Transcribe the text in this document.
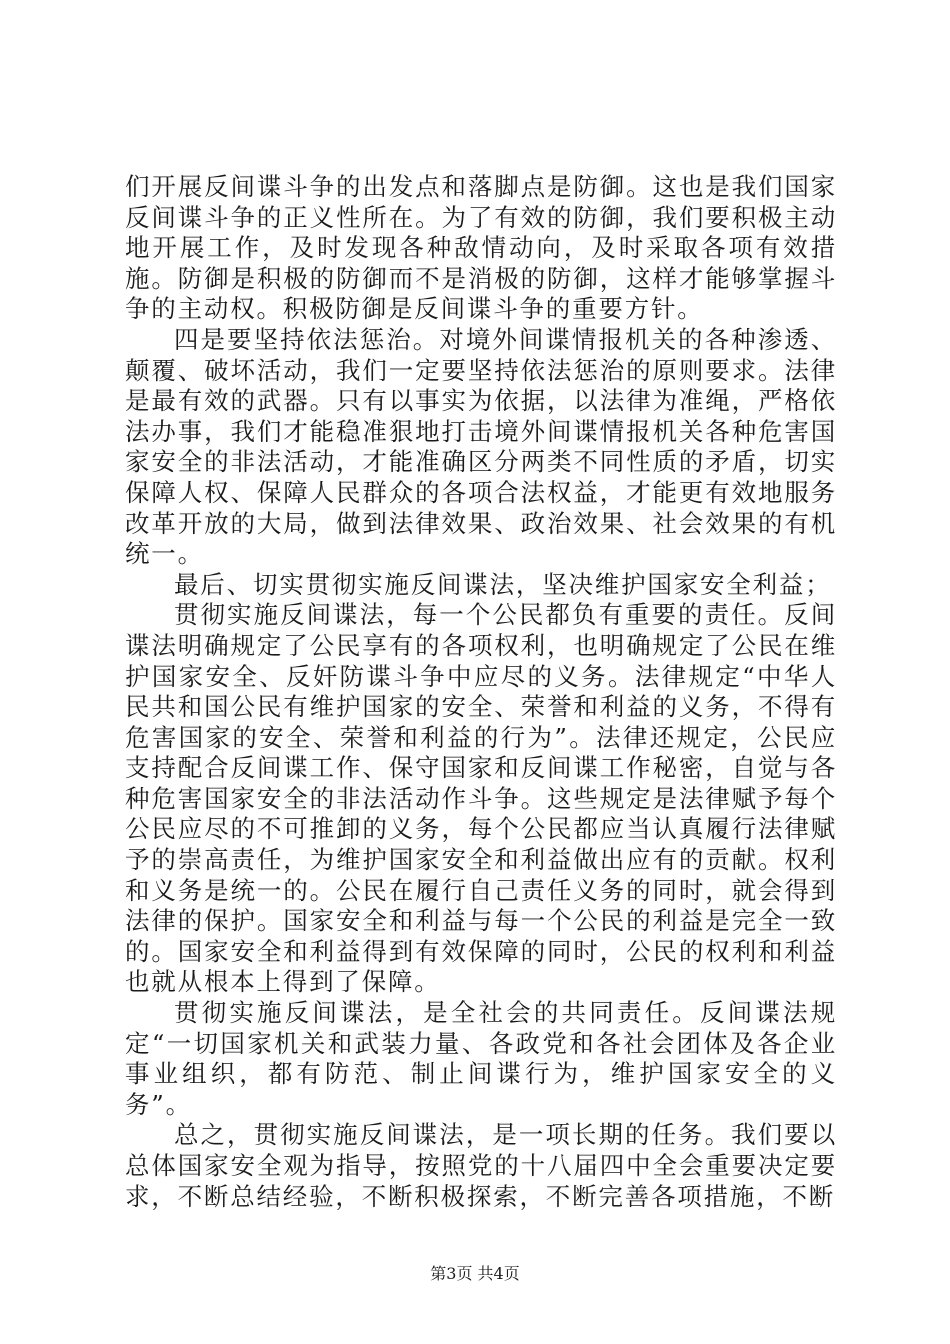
们开展反间谍斗争的出发点和落脚点是防御。这也是我们国家反间谍斗争的正义性所在。为了有效的防御，我们要积极主动地开展工作，及时发现各种敌情动向，及时采取各项有效措施。防御是积极的防御而不是消极的防御，这样才能够掌握斗争的主动权。积极防御是反间谍斗争的重要方针。

四是要坚持依法惩治。对境外间谍情报机关的各种渗透、颠覆、破坏活动，我们一定要坚持依法惩治的原则要求。法律是最有效的武器。只有以事实为依据，以法律为准绳，严格依法办事，我们才能稳准狠地打击境外间谍情报机关各种危害国家安全的非法活动，才能准确区分两类不同性质的矛盾，切实保障人权、保障人民群众的各项合法权益，才能更有效地服务改革开放的大局，做到法律效果、政治效果、社会效果的有机统一。

最后、切实贯彻实施反间谍法，坚决维护国家安全利益；

贯彻实施反间谍法，每一个公民都负有重要的责任。反间谍法明确规定了公民享有的各项权利，也明确规定了公民在维护国家安全、反奸防谍斗争中应尽的义务。法律规定“中华人民共和国公民有维护国家的安全、荣誉和利益的义务，不得有危害国家的安全、荣誉和利益的行为”。法律还规定，公民应支持配合反间谍工作、保守国家和反间谍工作秘密，自觉与各种危害国家安全的非法活动作斗争。这些规定是法律赋予每个公民应尽的不可推卸的义务，每个公民都应当认真履行法律赋予的崇高责任，为维护国家安全和利益做出应有的贡献。权利和义务是统一的。公民在履行自己责任义务的同时，就会得到法律的保护。国家安全和利益与每一个公民的利益是完全一致的。国家安全和利益得到有效保障的同时，公民的权利和利益也就从根本上得到了保障。

贯彻实施反间谍法，是全社会的共同责任。反间谍法规定“一切国家机关和武装力量、各政党和各社会团体及各企业事业组织，都有防范、制止间谍行为，维护国家安全的义务”。

总之，贯彻实施反间谍法，是一项长期的任务。我们要以总体国家安全观为指导，按照党的十八届四中全会重要决定要求，不断总结经验，不断积极探索，不断完善各项措施，不断

第3页 共4页
